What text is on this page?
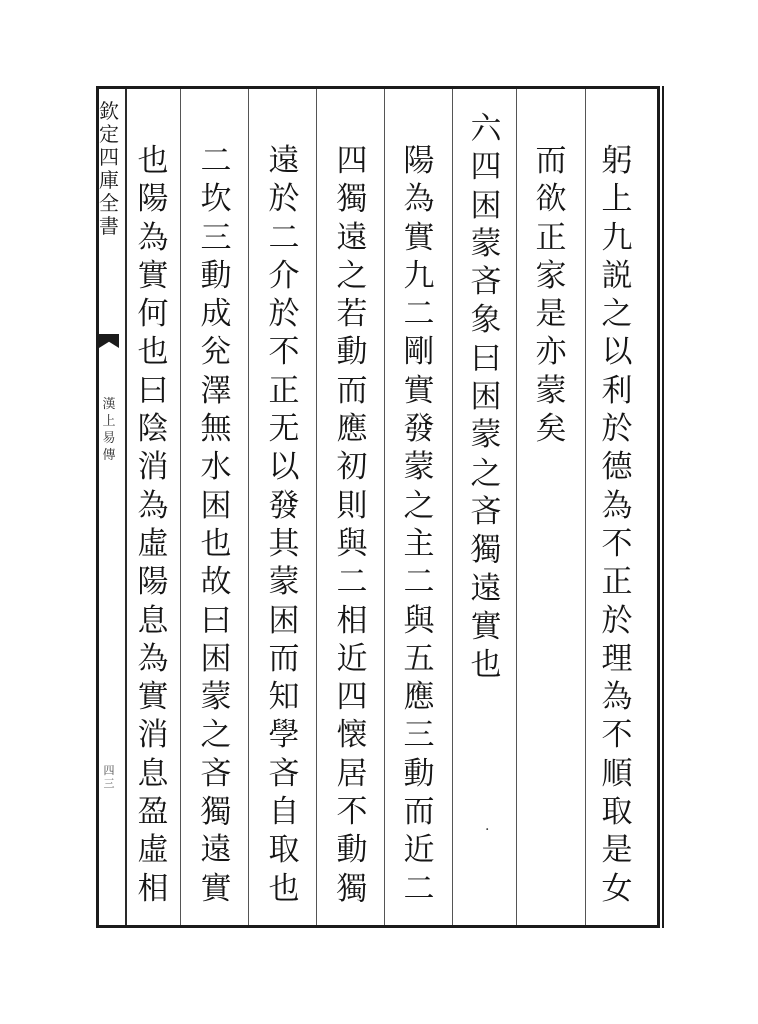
欽
定
四
庫
全
書
漢
上
易
傳
四三
躬
上
九
説
之
以
利
於
德
為
不
正
於
理
為
不
順
取
是
女
而
欲
正
家
是
亦
蒙
矣
六
四
困
蒙
吝
象
曰
困
蒙
之
吝
獨
遠
實
也
陽
為
實
九
二
剛
實
發
蒙
之
主
二
與
五
應
三
動
而
近
二
四
獨
遠
之
若
動
而
應
初
則
與
二
相
近
四
懐
居
不
動
獨
遠
於
二
介
於
不
正
无
以
發
其
蒙
困
而
知
學
吝
自
取
也
二
坎
三
動
成
兊
澤
無
水
困
也
故
曰
困
蒙
之
吝
獨
遠
實
也
陽
為
實
何
也
曰
陰
消
為
虛
陽
息
為
實
消
息
盈
虛
相
·
